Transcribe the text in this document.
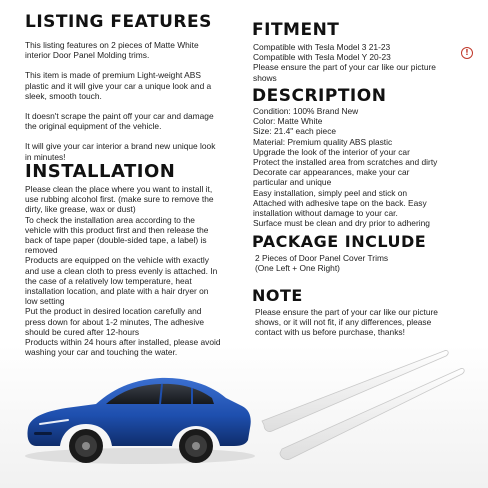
LISTING FEATURES
This listing features on 2 pieces of Matte White
interior Door Panel Molding trims.
This item is made of premium Light-weight ABS
plastic and it will give your car a unique look and a
sleek, smooth touch.
It doesn't scrape the paint off your car and damage
the original equipment of the vehicle.
It will give your car interior a brand new unique look
in minutes!
INSTALLATION
Please clean the place where you want to install it,
use rubbing alcohol first. (make sure to remove the
dirty, like grease, wax or dust)
To check the installation area according to the
vehicle with this product first and then release the
back of tape paper (double-sided tape, a label) is
removed
Products are equipped on the vehicle with exactly
and use a clean cloth to press evenly is attached. In
the case of a relatively low temperature, heat
installation location, and plate with a hair dryer on
low setting
Put the product in desired location carefully and
press down for about 1-2 minutes, The adhesive
should be cured after 12-hours
Products within 24 hours after installed, please avoid
washing your car and touching the water.
FITMENT
Compatible with Tesla Model 3 21-23
Compatible with Tesla Model Y 20-23
Please ensure the part of your car like our picture
shows
!
DESCRIPTION
Condition: 100% Brand New
Color: Matte White
Size: 21.4" each piece
Material: Premium quality ABS plastic
Upgrade the look of the interior of your car
Protect the installed area from scratches and dirty
Decorate car appearances, make your car
particular and unique
Easy installation, simply peel and stick on
Attached with adhesive tape on the back. Easy
installation without damage to your car.
Surface must be clean and dry prior to adhering
PACKAGE INCLUDE
2 Pieces of Door Panel Cover Trims
(One Left + One Right)
NOTE
Please ensure the part of your car like our picture
shows, or it will not fit, if any differences, please
contact with us before purchase, thanks!
